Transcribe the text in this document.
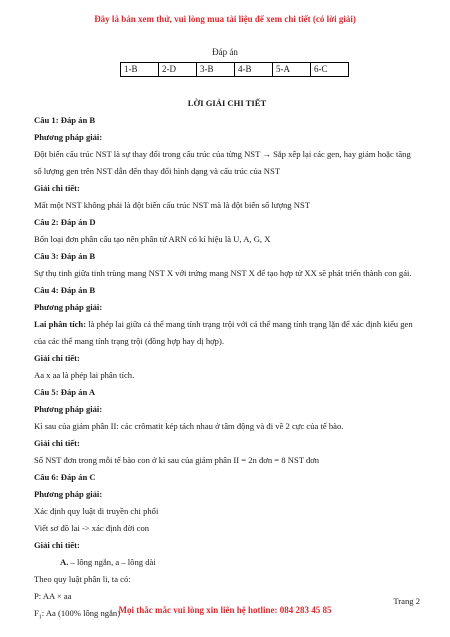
Đây là bản xem thử, vui lòng mua tài liệu để xem chi tiết (có lời giải)
Đáp án
1-B	2-D	3-B	4-B	5-A	6-C

LỜI GIẢI CHI TIẾT

Câu 1: Đáp án B

Phương pháp giải:

Đột biến cấu trúc NST là sự thay đổi trong cấu trúc của từng NST → Sắp xếp lại các gen, hay giảm hoặc tăng số lượng gen trên NST dẫn đến thay đổi hình dạng và cấu trúc của NST

Giải chi tiết:

Mất một NST không phải là đột biến cấu trúc NST mà là đột biến số lượng NST

Câu 2: Đáp án D

Bốn loại đơn phân cấu tạo nên phân tử ARN có kí hiệu là U, A, G, X

Câu 3: Đáp án B

Sự thụ tinh giữa tinh trùng mang NST X với trứng mang NST X để tạo hợp tử XX sẽ phát triển thành con gái.

Câu 4: Đáp án B

Phương pháp giải:

Lai phân tích: là phép lai giữa cá thể mang tính trạng trội với cá thể mang tính trạng lặn để xác định kiểu gen của các thể mang tính trạng trội (đồng hợp hay dị hợp).

Giải chi tiết:

Aa x aa là phép lai phân tích.

Câu 5: Đáp án A

Phương pháp giải:

Kì sau của giảm phân II: các crômatit kép tách nhau ở tâm động và đi về 2 cực của tế bào.

Giải chi tiết:

Số NST đơn trong mỗi tế bào con ở kì sau của giảm phân II = 2n đơn = 8 NST đơn

Câu 6: Đáp án C

Phương pháp giải:

Xác định quy luật di truyền chi phối

Viết sơ đồ lai -> xác định đời con

Giải chi tiết:

A. – lông ngắn, a – lông dài

Theo quy luật phân li, ta có:

P: AA × aa

$F_1$: Aa (100% lông ngắn)

Trang 2
Mọi thắc mắc vui lòng xin liên hệ hotline: 084 283 45 85
